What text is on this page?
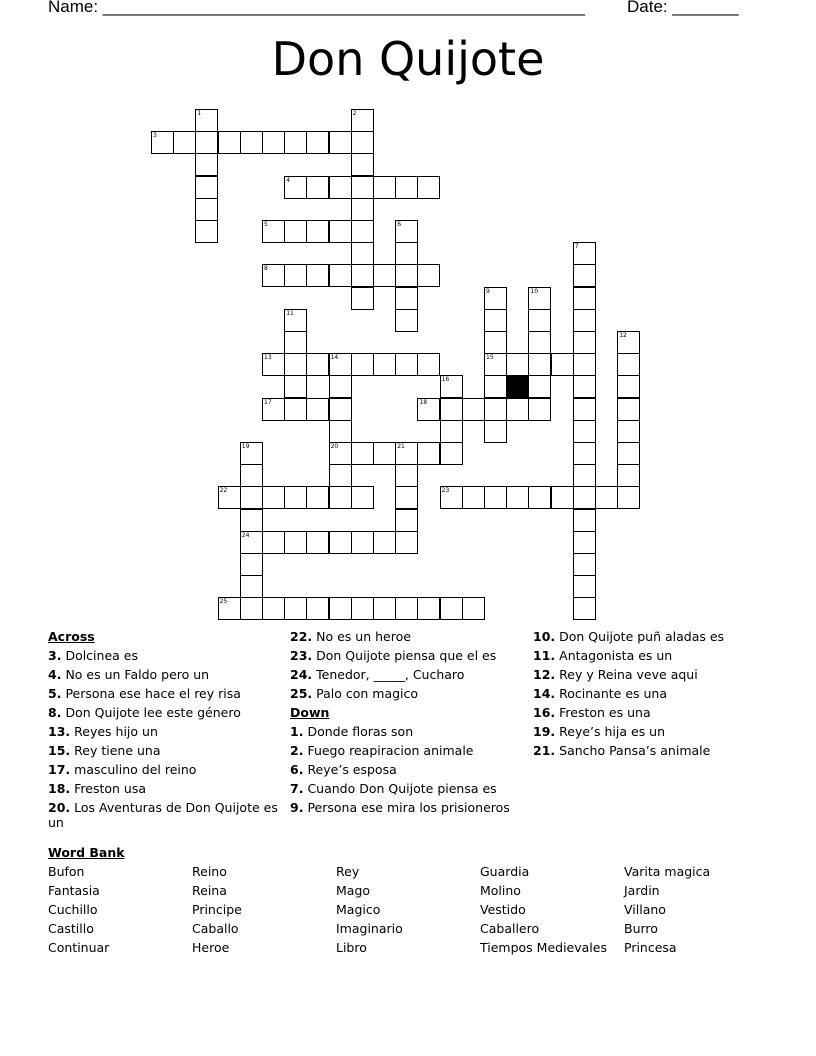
Name: ___________________________________________________ Date: _______
Don Quijote
1	2
3
4
5	6
7
8
9
15
10
11
12
13	14
20
16
17	18
19
24
21
22	23
25
Across
3. Dolcinea es
4. No es un Faldo pero un
5. Persona ese hace el rey risa
8. Don Quijote lee este género
13. Reyes hijo un
15. Rey tiene una
17. masculino del reino
18. Freston usa
20. Los Aventuras de Don Quijote es un
22. No es un heroe
23. Don Quijote piensa que el es
24. Tenedor, _____, Cucharo
25. Palo con magico
Down
1. Donde floras son
2. Fuego reapiracion animale
6. Reye’s esposa
7. Cuando Don Quijote piensa es
9. Persona ese mira los prisioneros
10. Don Quijote puñ aladas es
11. Antagonista es un
12. Rey y Reina veve aqui
14. Rocinante es una
16. Freston es una
19. Reye’s hija es un
21. Sancho Pansa’s animale
Word Bank
Bufon	Reino	Rey	Guardia	Varita magica
Fantasia	Reina	Mago	Molino	Jardin
Cuchillo	Principe	Magico	Vestido	Villano
Castillo	Caballo	Imaginario	Caballero	Burro
Continuar	Heroe	Libro	Tiempos Medievales	Princesa
